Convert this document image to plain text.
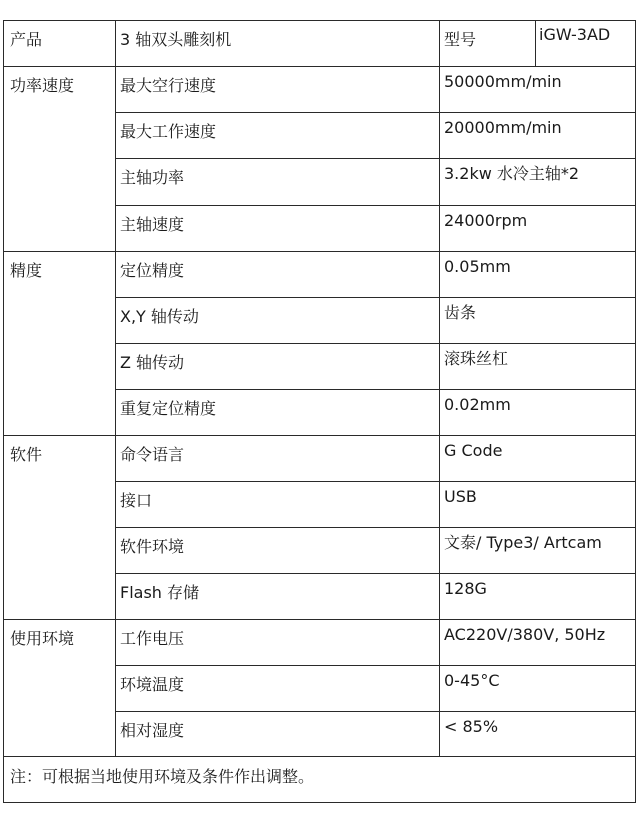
产品	3 轴双头雕刻机	型号	iGW-3AD

功率速度	最大空行速度	50000mm/min	

	最大工作速度	20000mm/min	

	主轴功率	3.2kw 水冷主轴*2	

	主轴速度	24000rpm	

精度	定位精度	0.05mm	

	X,Y 轴传动	齿条	

	Z 轴传动	滚珠丝杠	

	重复定位精度	0.02mm	

软件	命令语言	G Code	

	接口	USB	

	软件环境	文泰/ Type3/ Artcam	

	Flash 存储	128G	

使用环境	工作电压	AC220V/380V, 50Hz	

	环境温度	0-45°C	

	相对湿度	< 85%	

注：可根据当地使用环境及条件作出调整。			
